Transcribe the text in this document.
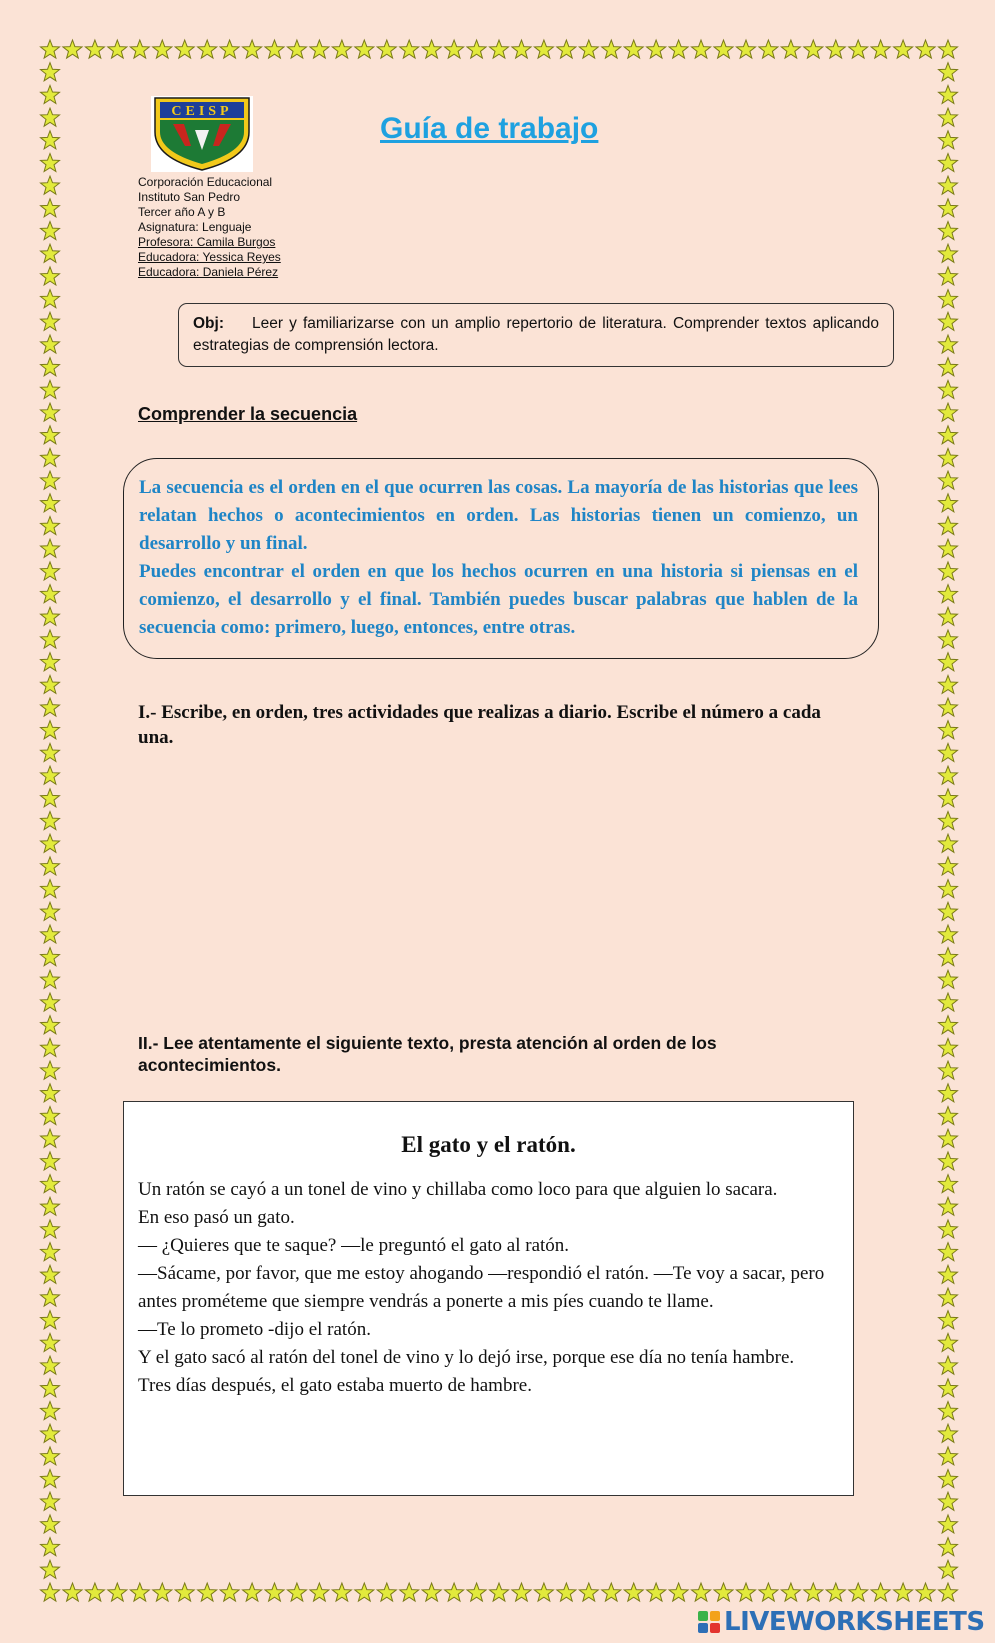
CEISP
Guía de trabajo
Corporación Educacional
Instituto San Pedro
Tercer año A y B
Asignatura: Lenguaje
Profesora: Camila Burgos
Educadora: Yessica Reyes
Educadora: Daniela Pérez
Obj: Leer y familiarizarse con un amplio repertorio de literatura. Comprender textos aplicando estrategias de comprensión lectora.
Comprender la secuencia

La secuencia es el orden en el que ocurren las cosas. La mayoría de las historias que lees relatan hechos o acontecimientos en orden. Las historias tienen un comienzo, un desarrollo y un final.

Puedes encontrar el orden en que los hechos ocurren en una historia si piensas en el comienzo, el desarrollo y el final. También puedes buscar palabras que hablen de la secuencia como: primero, luego, entonces, entre otras.

I.- Escribe, en orden, tres actividades que realizas a diario. Escribe el número a cada una.
II.- Lee atentamente el siguiente texto, presta atención al orden de los acontecimientos.
El gato y el ratón.

Un ratón se cayó a un tonel de vino y chillaba como loco para que alguien lo sacara.

En eso pasó un gato.

— ¿Quieres que te saque? —le preguntó el gato al ratón.

—Sácame, por favor, que me estoy ahogando —respondió el ratón. —Te voy a sacar, pero antes prométeme que siempre vendrás a ponerte a mis píes cuando te llame.

—Te lo prometo -dijo el ratón.

Y el gato sacó al ratón del tonel de vino y lo dejó irse, porque ese día no tenía hambre.

Tres días después, el gato estaba muerto de hambre.

LIVEWORKSHEETS
